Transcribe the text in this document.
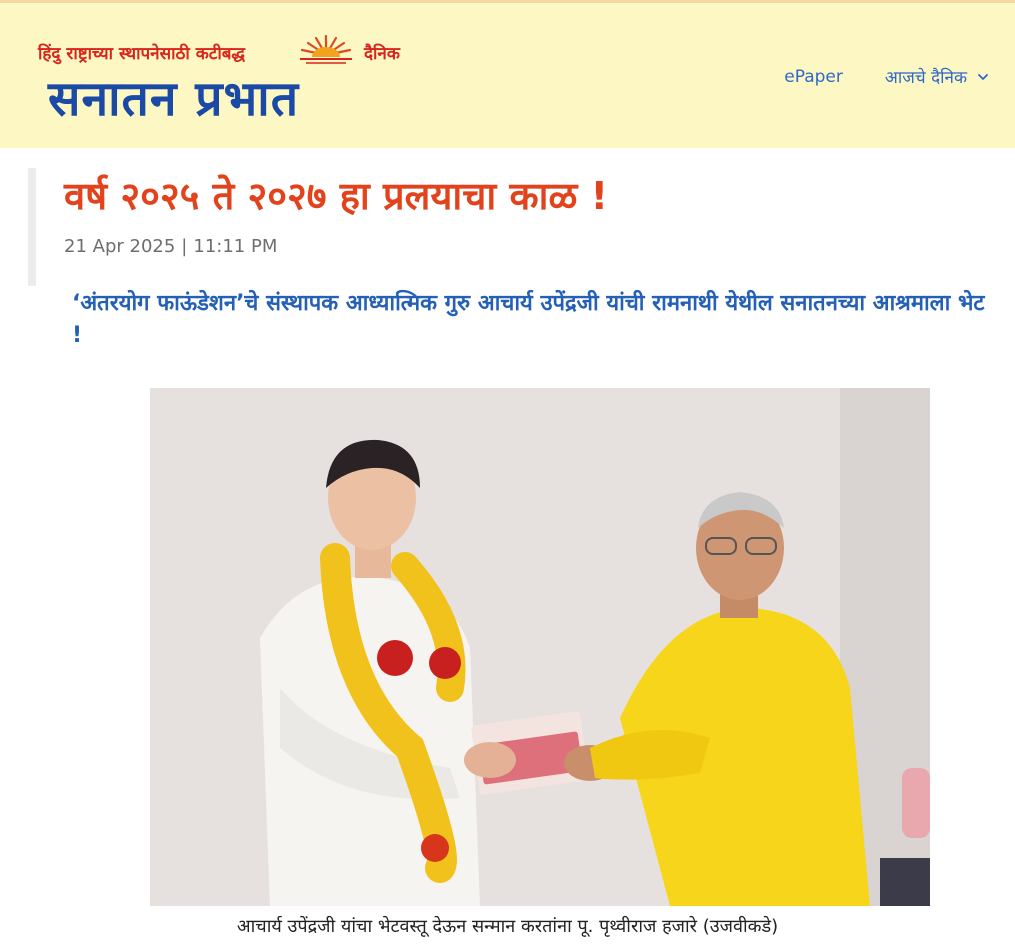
हिंदु राष्ट्राच्या स्थापनेसाठी कटीबद्ध	दैनिक
सनातन प्रभात	ePaper आजचे दैनिक
वर्ष २०२५ ते २०२७ हा प्रलयाचा काळ !
21 Apr 2025 | 11:11 PM
‘अंतरयोग फाऊंडेशन’चे संस्थापक आध्यात्मिक गुरु आचार्य उपेंद्रजी यांची रामनाथी येथील सनातनच्या आश्रमाला भेट !
आचार्य उपेंद्रजी यांचा भेटवस्तू देऊन सन्मान करतांना पू. पृथ्वीराज हजारे (उजवीकडे)
